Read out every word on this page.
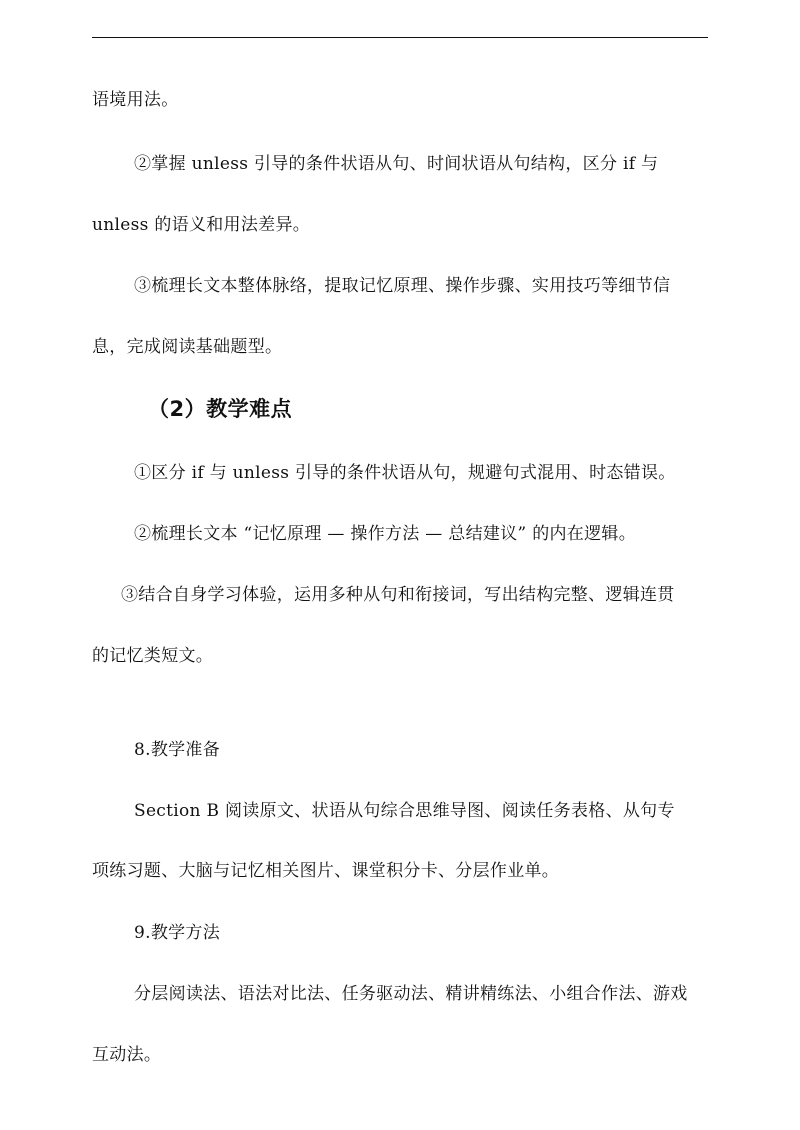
语境用法。
②掌握 unless 引导的条件状语从句、时间状语从句结构，区分 if 与
unless 的语义和用法差异。
③梳理长文本整体脉络，提取记忆原理、操作步骤、实用技巧等细节信
息，完成阅读基础题型。
（2）教学难点
①区分 if 与 unless 引导的条件状语从句，规避句式混用、时态错误。
②梳理长文本 “记忆原理 — 操作方法 — 总结建议” 的内在逻辑。
③结合自身学习体验，运用多种从句和衔接词，写出结构完整、逻辑连贯
的记忆类短文。
8.教学准备
Section B 阅读原文、状语从句综合思维导图、阅读任务表格、从句专
项练习题、大脑与记忆相关图片、课堂积分卡、分层作业单。
9.教学方法
分层阅读法、语法对比法、任务驱动法、精讲精练法、小组合作法、游戏
互动法。
